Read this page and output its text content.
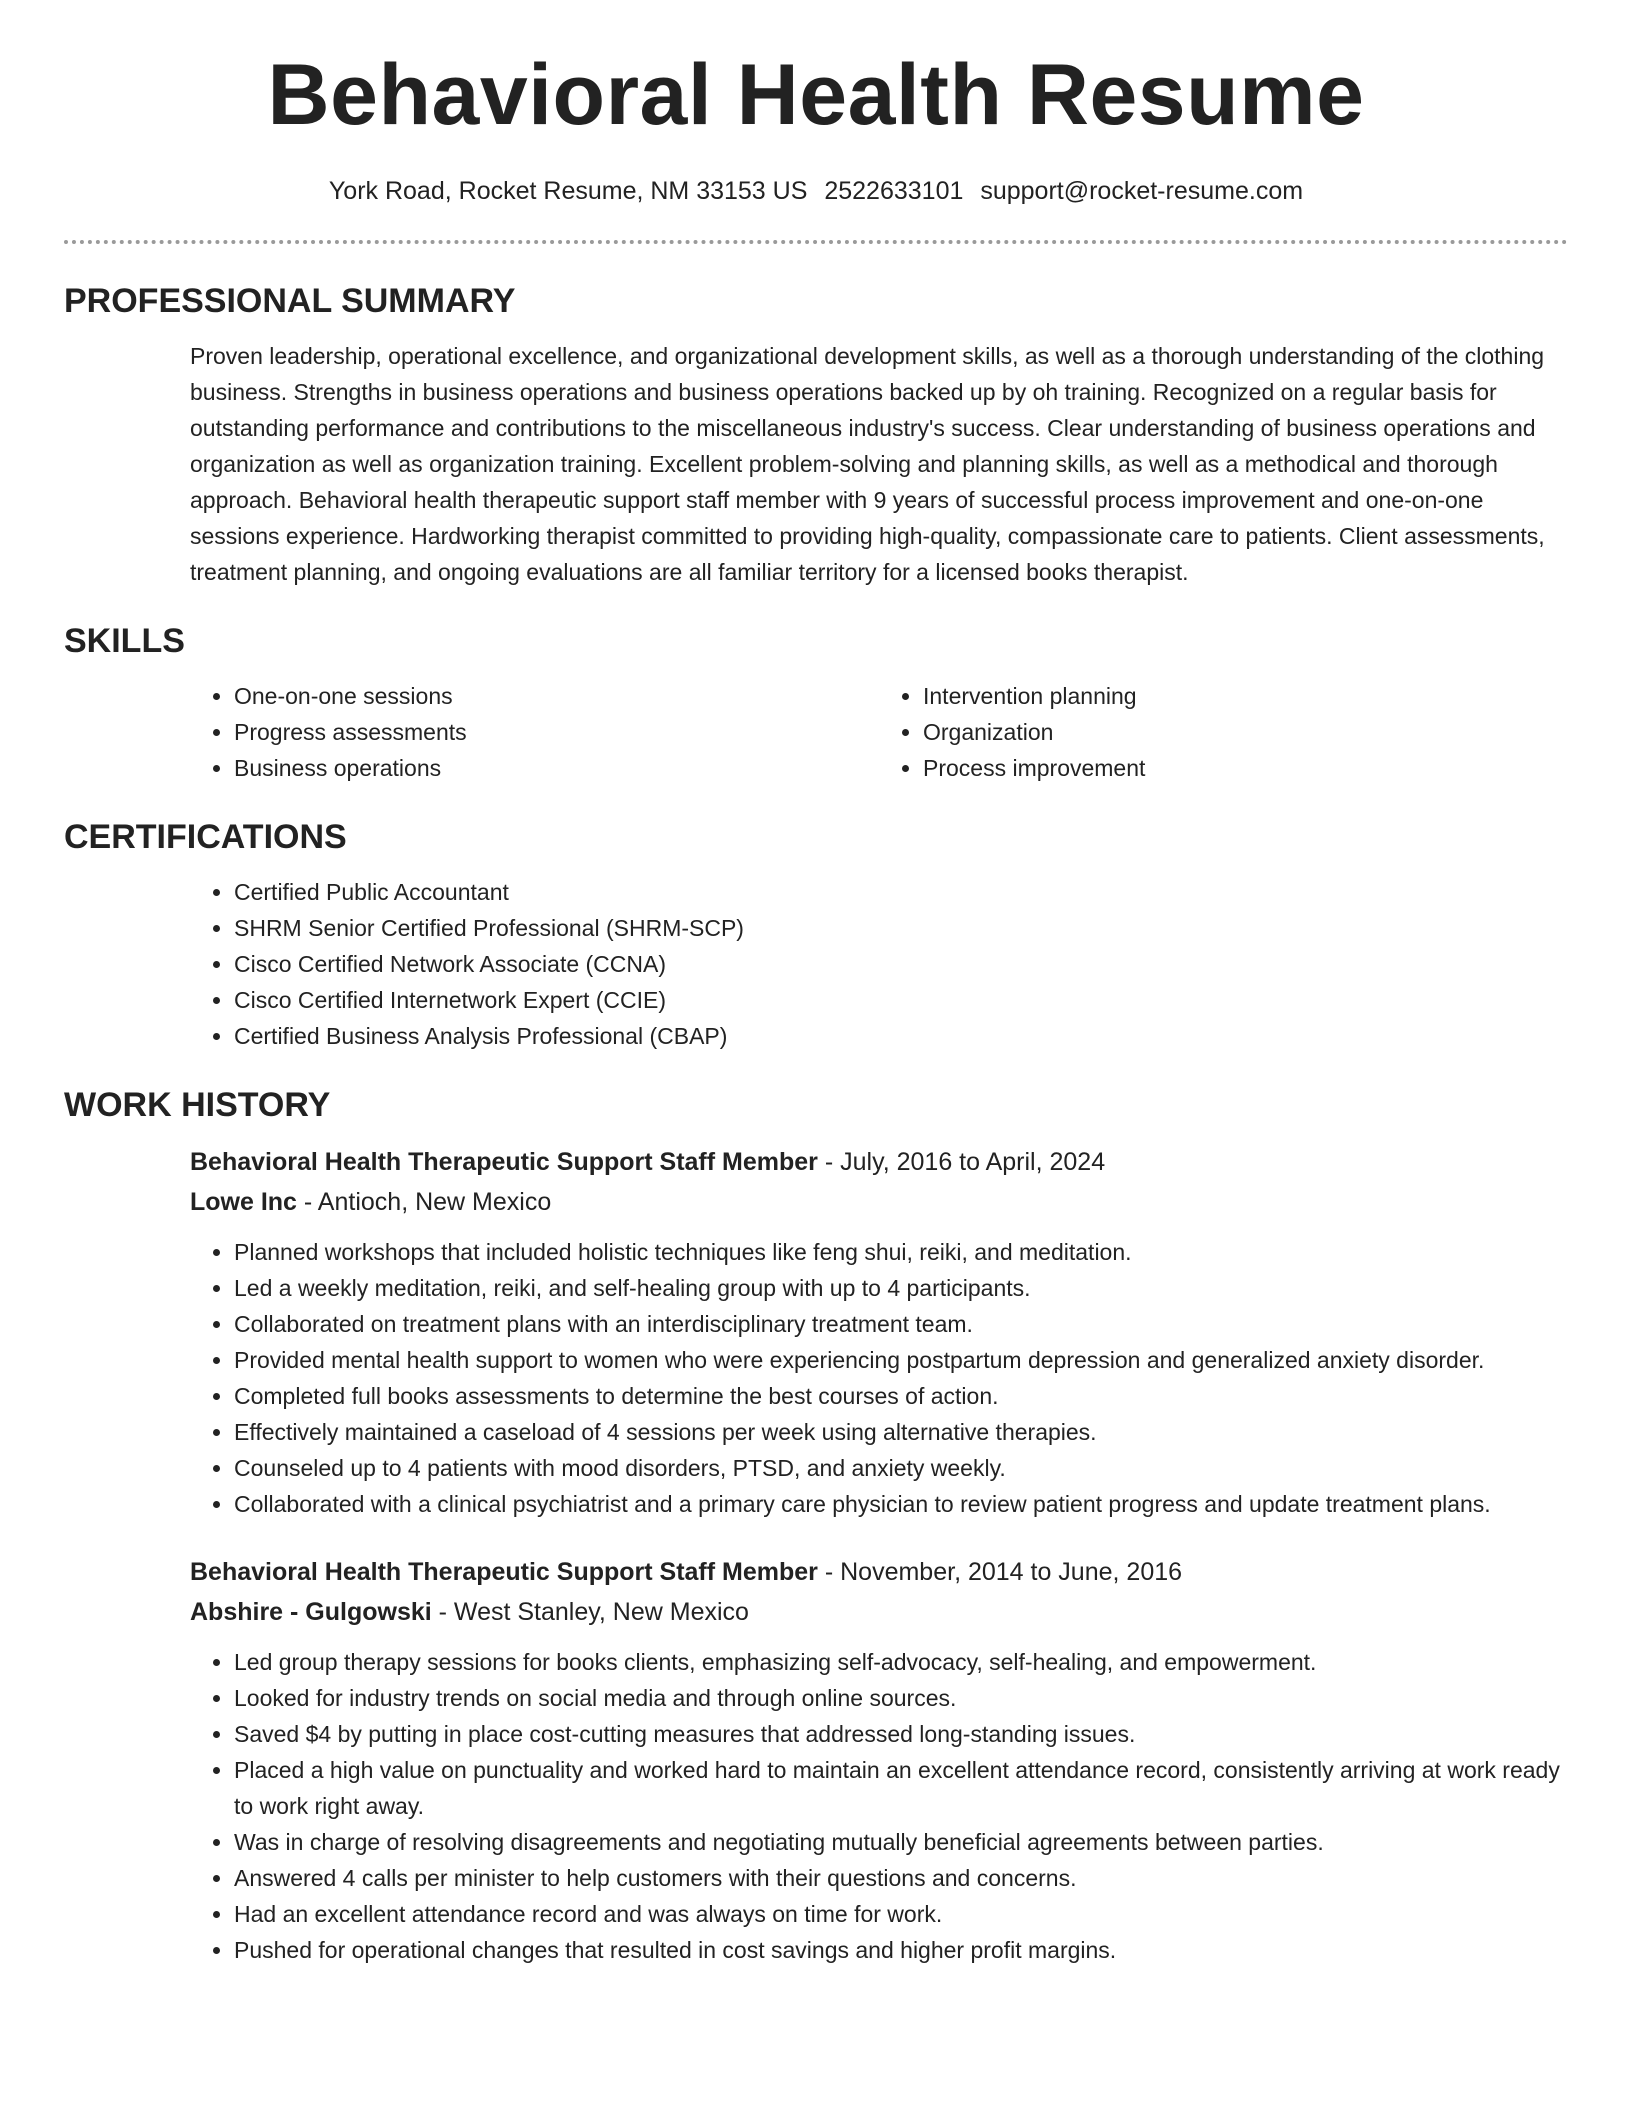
Behavioral Health Resume
York Road, Rocket Resume, NM 33153 US 2522633101 support@rocket-resume.com
PROFESSIONAL SUMMARY

Proven leadership, operational excellence, and organizational development skills, as well as a thorough understanding of the clothing business. Strengths in business operations and business operations backed up by oh training. Recognized on a regular basis for outstanding performance and contributions to the miscellaneous industry's success. Clear understanding of business operations and organization as well as organization training. Excellent problem-solving and planning skills, as well as a methodical and thorough approach. Behavioral health therapeutic support staff member with 9 years of successful process improvement and one-on-one sessions experience. Hardworking therapist committed to providing high-quality, compassionate care to patients. Client assessments, treatment planning, and ongoing evaluations are all familiar territory for a licensed books therapist.

SKILLS
• One-on-one sessions
• Progress assessments
• Business operations
• Intervention planning
• Organization
• Process improvement
CERTIFICATIONS
• Certified Public Accountant
• SHRM Senior Certified Professional (SHRM-SCP)
• Cisco Certified Network Associate (CCNA)
• Cisco Certified Internetwork Expert (CCIE)
• Certified Business Analysis Professional (CBAP)
WORK HISTORY
Behavioral Health Therapeutic Support Staff Member - July, 2016 to April, 2024
Lowe Inc - Antioch, New Mexico
• Planned workshops that included holistic techniques like feng shui, reiki, and meditation.
• Led a weekly meditation, reiki, and self-healing group with up to 4 participants.
• Collaborated on treatment plans with an interdisciplinary treatment team.
• Provided mental health support to women who were experiencing postpartum depression and generalized anxiety disorder.
• Completed full books assessments to determine the best courses of action.
• Effectively maintained a caseload of 4 sessions per week using alternative therapies.
• Counseled up to 4 patients with mood disorders, PTSD, and anxiety weekly.
• Collaborated with a clinical psychiatrist and a primary care physician to review patient progress and update treatment plans.
Behavioral Health Therapeutic Support Staff Member - November, 2014 to June, 2016
Abshire - Gulgowski - West Stanley, New Mexico
• Led group therapy sessions for books clients, emphasizing self-advocacy, self-healing, and empowerment.
• Looked for industry trends on social media and through online sources.
• Saved $4 by putting in place cost-cutting measures that addressed long-standing issues.
• Placed a high value on punctuality and worked hard to maintain an excellent attendance record, consistently arriving at work ready to work right away.
• Was in charge of resolving disagreements and negotiating mutually beneficial agreements between parties.
• Answered 4 calls per minister to help customers with their questions and concerns.
• Had an excellent attendance record and was always on time for work.
• Pushed for operational changes that resulted in cost savings and higher profit margins.
